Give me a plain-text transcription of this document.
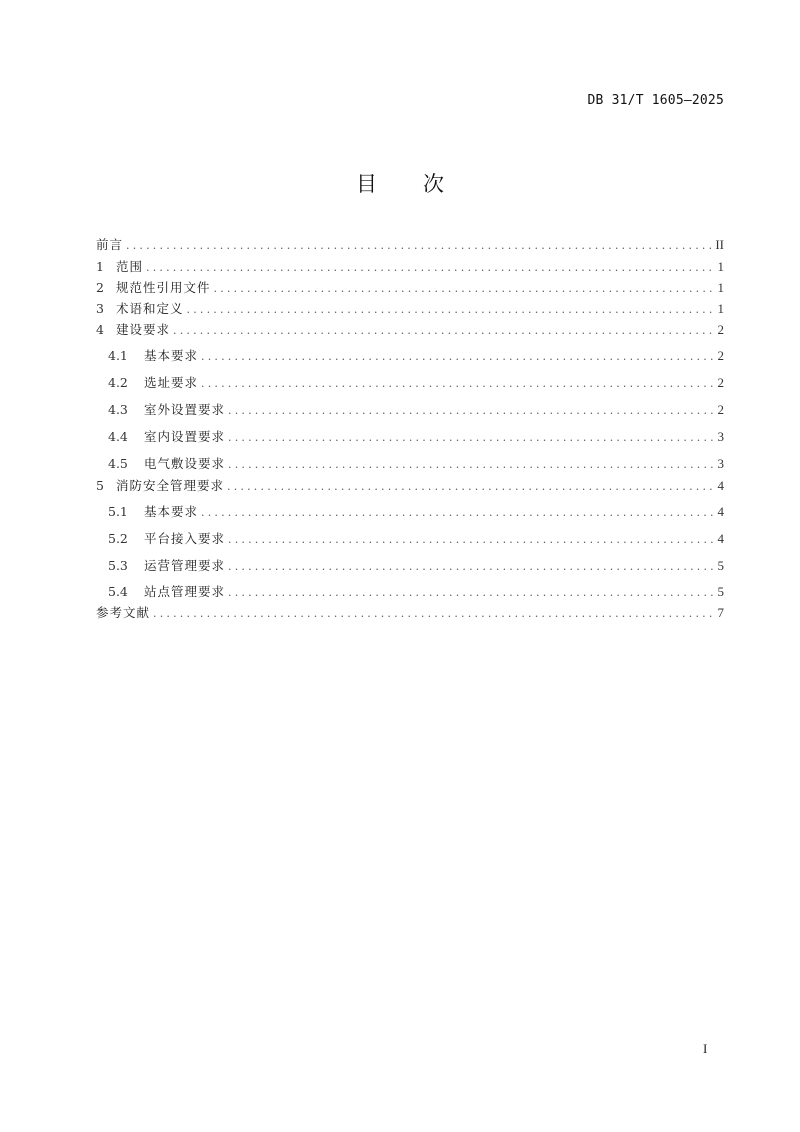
DB 31/T 1605—2025
目 次
前言 .....	II
1 范围 .....	1
2 规范性引用文件 .....	1
3 术语和定义 .....	1
4 建设要求 .....	2
4.1	基本要求 .....	2
4.2	选址要求 .....	2
4.3	室外设置要求 .....	2
4.4	室内设置要求 .....	3
4.5	电气敷设要求 .....	3
5 消防安全管理要求 .....	4
5.1	基本要求 .....	4
5.2	平台接入要求 .....	4
5.3	运营管理要求 .....	5
5.4	站点管理要求 .....	5
参考文献 .....	7
I
